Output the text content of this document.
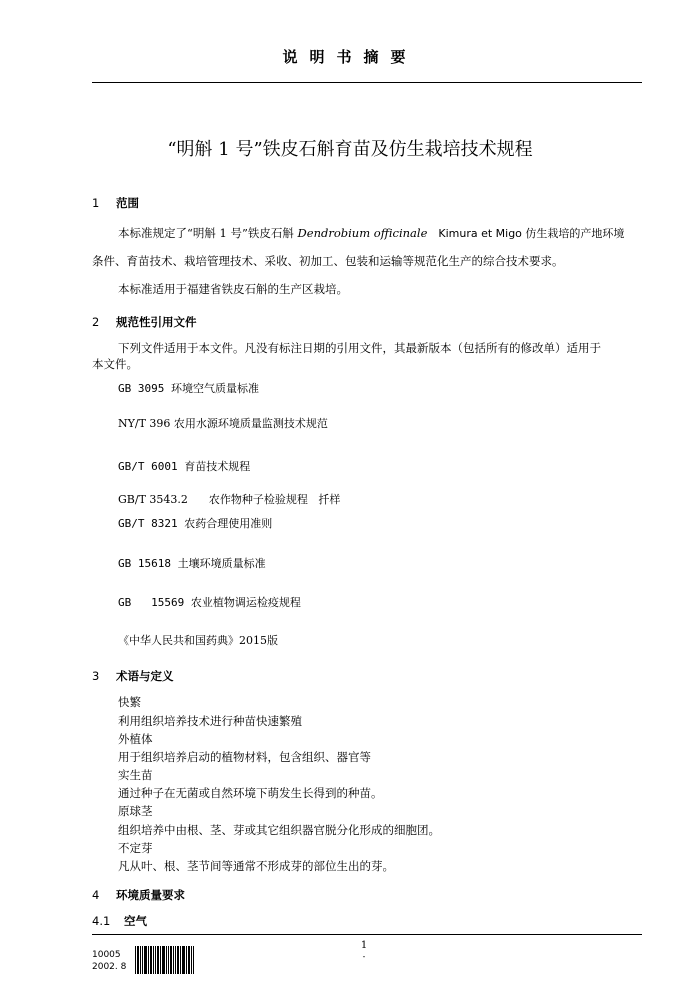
说明书摘要
“明斛 1 号”铁皮石斛育苗及仿生栽培技术规程
1 范围
本标准规定了“明斛 1 号”铁皮石斛 Dendrobium officinale Kimura et Migo 仿生栽培的产地环境
条件、育苗技术、栽培管理技术、采收、初加工、包装和运输等规范化生产的综合技术要求。
本标准适用于福建省铁皮石斛的生产区栽培。
2 规范性引用文件
下列文件适用于本文件。凡没有标注日期的引用文件，其最新版本（包括所有的修改单）适用于
本文件。
GB 3095 环境空气质量标准
NY/T 396 农用水源环境质量监测技术规范
GB/T 6001 育苗技术规程
GB/T 3543.2      农作物种子检验规程   扦样
GB/T 8321 农药合理使用准则
GB 15618 土壤环境质量标准
GB   15569 农业植物调运检疫规程
《中华人民共和国药典》2015版
3 术语与定义
快繁
利用组织培养技术进行种苗快速繁殖
外植体
用于组织培养启动的植物材料，包含组织、器官等
实生苗
通过种子在无菌或自然环境下萌发生长得到的种苗。
原球茎
组织培养中由根、茎、芽或其它组织器官脱分化形成的细胞团。
不定芽
凡从叶、根、茎节间等通常不形成芽的部位生出的芽。
4 环境质量要求
4.1 空气
1
-
10005
2002. 8
